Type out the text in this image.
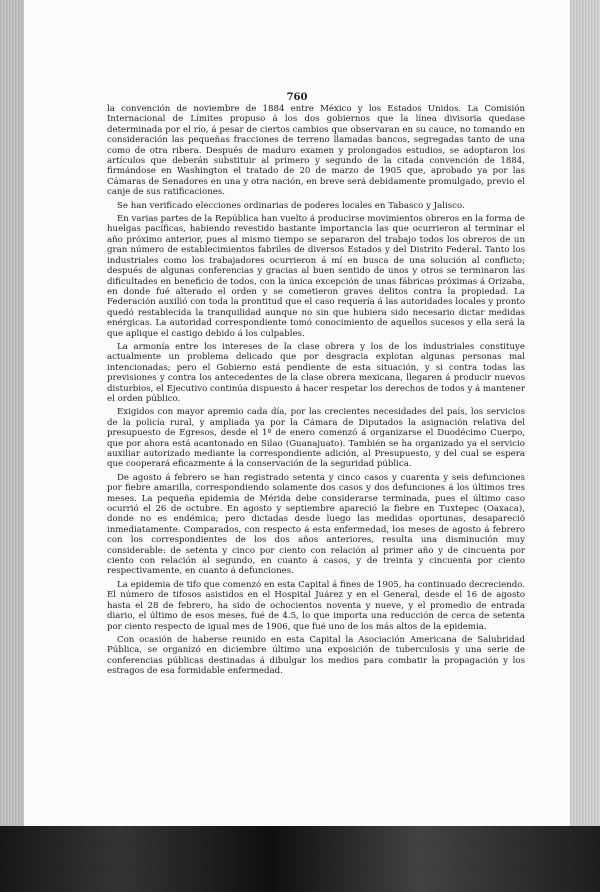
760

la convención de noviembre de 1884 entre México y los Estados Unidos. La Comisión Internacional de Límites propuso á los dos gobiernos que la línea divisoria quedase determinada por el río, á pesar de ciertos cambios que observaran en su cauce, no tomando en consideración las pequeñas fracciones de terreno llamadas bancos, segregadas tanto de una como de otra ribera. Después de maduro examen y prolongados estudios, se adoptaron los artículos que deberán substituir al primero y segundo de la citada convención de 1884, firmándose en Washington el tratado de 20 de marzo de 1905 que, aprobado ya por las Cámaras de Senadores en una y otra nación, en breve será debidamente promulgado, previo el canje de sus ratificaciones.

Se han verificado elecciones ordinarias de poderes locales en Tabasco y Jalisco.

En varias partes de la República han vuelto á producirse movimientos obreros en la forma de huelgas pacíficas, habiendo revestido bastante importancia las que ocurrieron al terminar el año próximo anterior, pues al mismo tiempo se separaron del trabajo todos los obreros de un gran número de establecimientos fabriles de diversos Estados y del Distrito Federal. Tanto los industriales como los trabajadores ocurrieron á mí en busca de una solución al conflicto; después de algunas conferencias y gracias al buen sentido de unos y otros se terminaron las dificultades en beneficio de todos, con la única excepción de unas fábricas próximas á Orizaba, en donde fué alterado el orden y se cometieron graves delitos contra la propiedad. La Federación auxilió con toda la prontitud que el caso requería á las autoridades locales y pronto quedó restablecida la tranquilidad aunque no sin que hubiera sido necesario dictar medidas enérgicas. La autoridad correspondiente tomó conocimiento de aquellos sucesos y ella será la que aplique el castigo debido á los culpables.

La armonía entre los intereses de la clase obrera y los de los industriales constituye actualmente un problema delicado que por desgracia explotan algunas personas mal intencionadas; pero el Gobierno está pendiente de esta situación, y si contra todas las previsiones y contra los antecedentes de la clase obrera mexicana, llegaren á producir nuevos disturbios, el Ejecutivo continúa dispuesto á hacer respetar los derechos de todos y á mantener el orden público.

Exigidos con mayor apremio cada día, por las crecientes necesidades del país, los servicios de la policía rural, y ampliada ya por la Cámara de Diputados la asignación relativa del presupuesto de Egresos, desde el 1º de enero comenzó á organizarse el Duodécimo Cuerpo, que por ahora está acantonado en Silao (Guanajuato). También se ha organizado ya el servicio auxiliar autorizado mediante la correspondiente adición, al Presupuesto, y del cual se espera que cooperará eficazmente á la conservación de la seguridad pública.

De agosto á febrero se han registrado setenta y cinco casos y cuarenta y seis defunciones por fiebre amarilla, correspondiendo solamente dos casos y dos defunciones á los últimos tres meses. La pequeña epidemia de Mérida debe considerarse terminada, pues el último caso ocurrió el 26 de octubre. En agosto y septiembre apareció la fiebre en Tuxtepec (Oaxaca), donde no es endémica; pero dictadas desde luego las medidas oportunas, desapareció inmediatamente. Comparados, con respecto á esta enfermedad, los meses de agosto á febrero con los correspondientes de los dos años anteriores, resulta una disminución muy considerable: de setenta y cinco por ciento con relación al primer año y de cincuenta por ciento con relación al segundo, en cuanto á casos, y de treinta y cincuenta por ciento respectivamente, en cuanto á defunciones.

La epidemia de tifo que comenzó en esta Capital á fines de 1905, ha continuado decreciendo. El número de tifosos asistidos en el Hospital Juárez y en el General, desde el 16 de agosto hasta el 28 de febrero, ha sido de ochocientos noventa y nueve, y el promedio de entrada diario, el último de esos meses, fué de 4.5, lo que importa una reducción de cerca de setenta por ciento respecto de igual mes de 1906, que fué uno de los más altos de la epidemia.

Con ocasión de haberse reunido en esta Capital la Asociación Americana de Salubridad Pública, se organizó en diciembre último una exposición de tuberculosis y una serie de conferencias públicas destinadas á dibulgar los medios para combatir la propagación y los estragos de esa formidable enfermedad.
